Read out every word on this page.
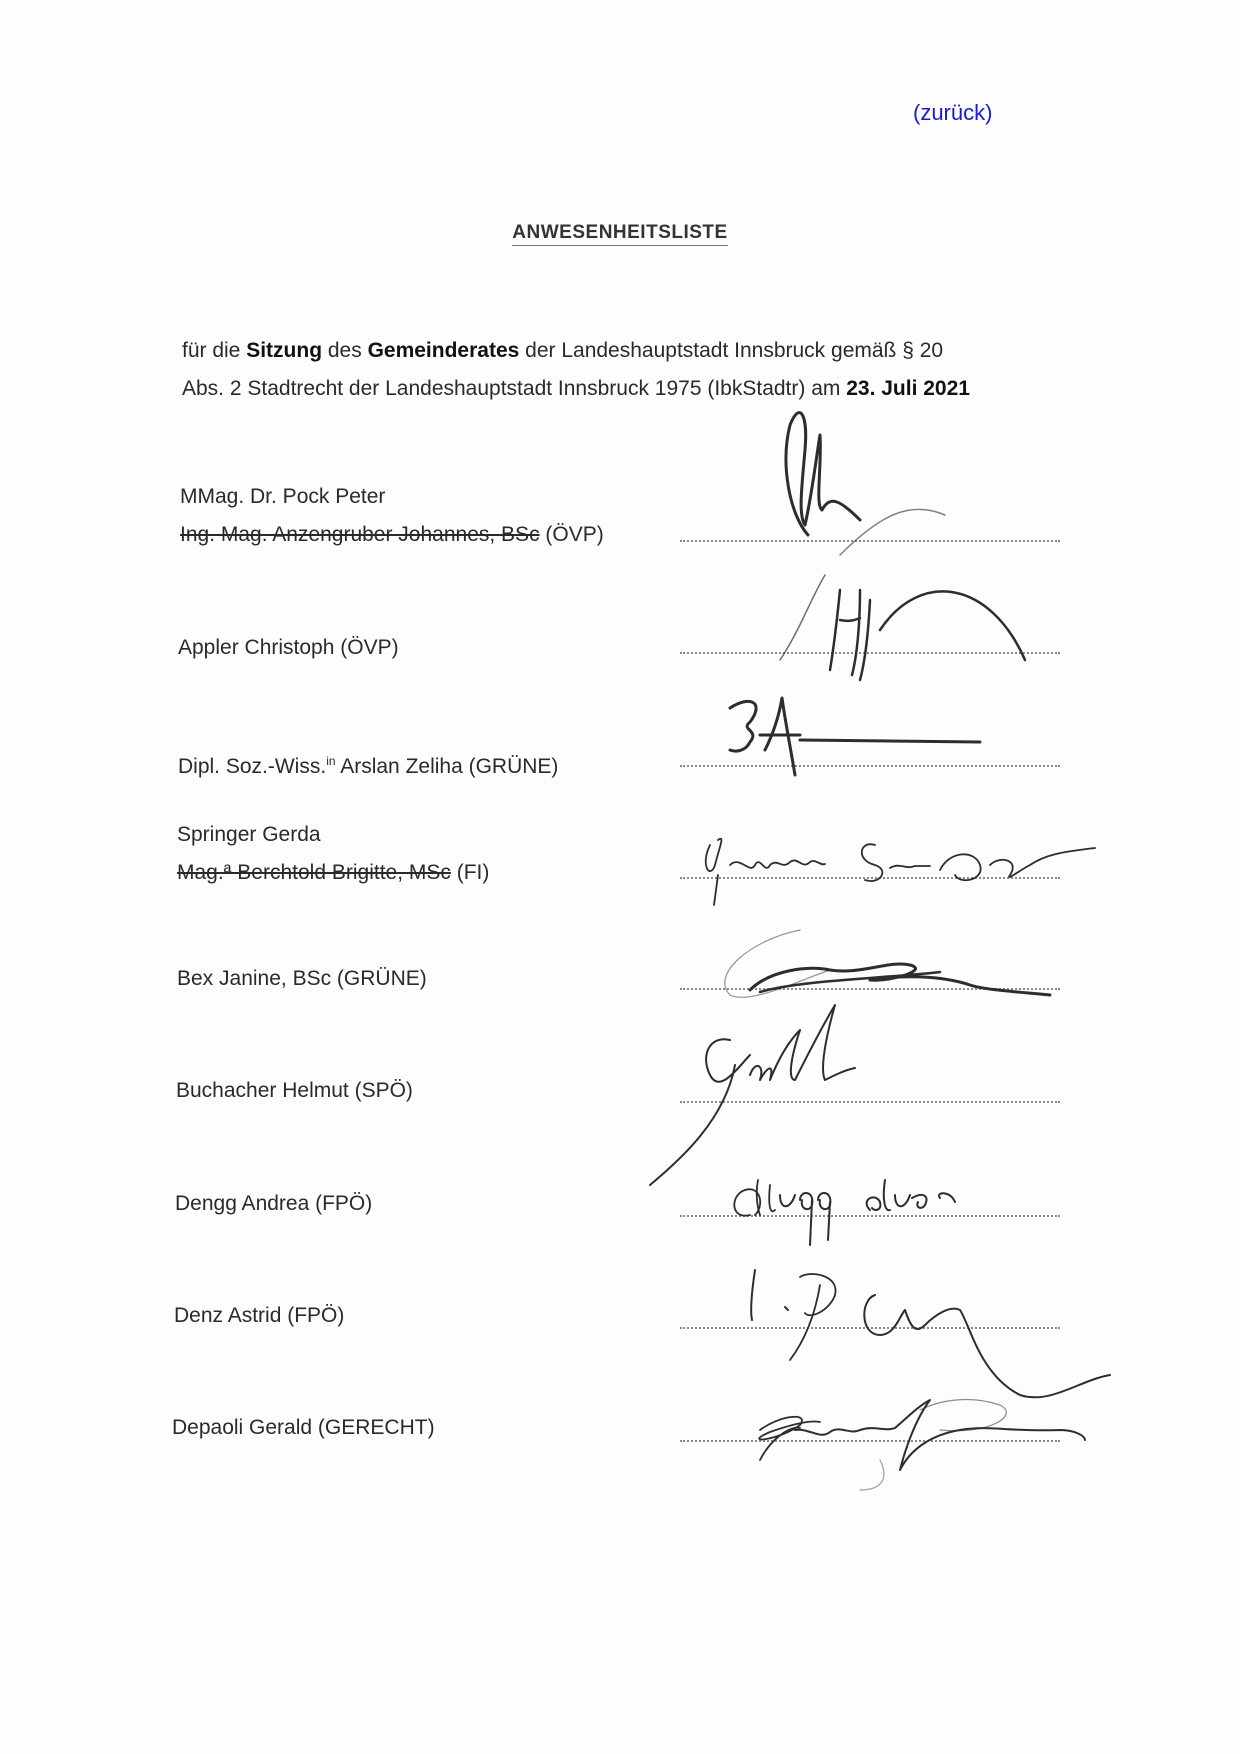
(zurück)
ANWESENHEITSLISTE
für die Sitzung des Gemeinderates der Landeshauptstadt Innsbruck gemäß § 20
Abs. 2 Stadtrecht der Landeshauptstadt Innsbruck 1975 (IbkStadtr) am 23. Juli 2021
MMag. Dr. Pock Peter
Ing. Mag. Anzengruber Johannes, BSc (ÖVP)
Appler Christoph (ÖVP)
Dipl. Soz.-Wiss.$^{in}$ Arslan Zeliha (GRÜNE)
Springer Gerda
Mag.ª Berchtold Brigitte, MSc (FI)
Bex Janine, BSc (GRÜNE)
Buchacher Helmut (SPÖ)
Dengg Andrea (FPÖ)
Denz Astrid (FPÖ)
Depaoli Gerald (GERECHT)
